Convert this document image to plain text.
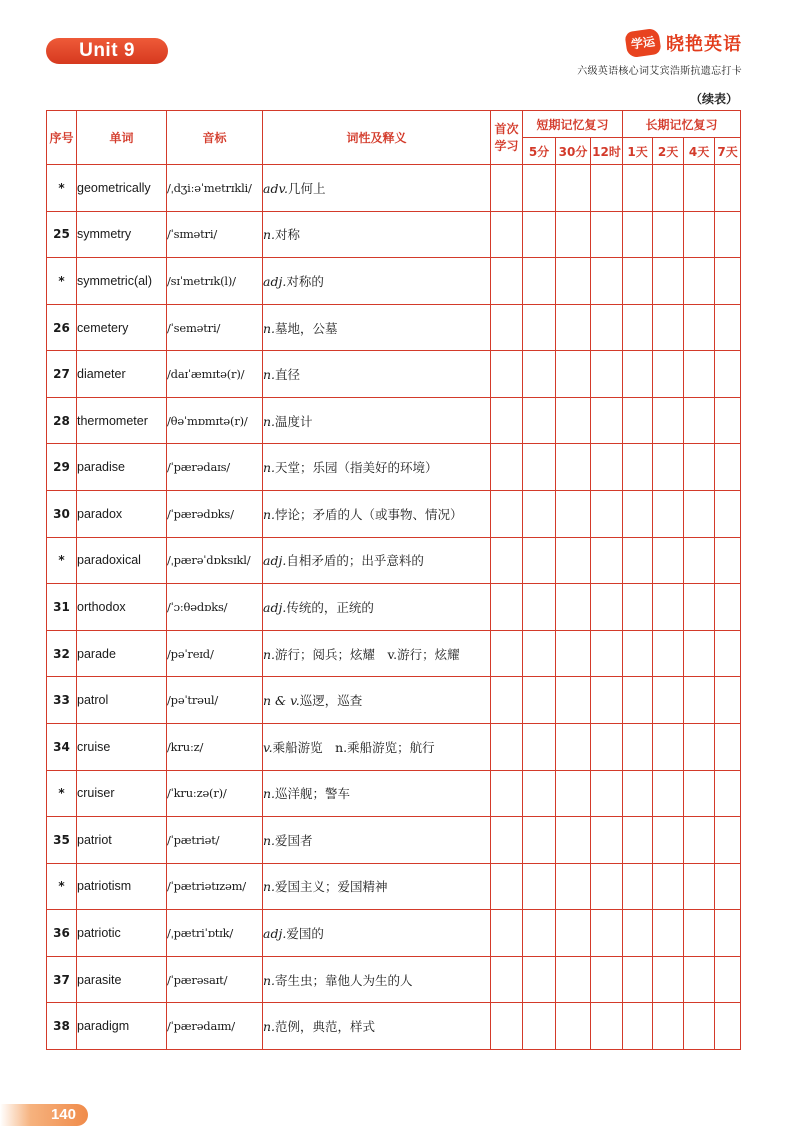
Unit 9	学运 晓艳英语
六级英语核心词艾宾浩斯抗遗忘打卡
（续表）
序号	单词	音标	词性及释义	首次学习	短期记忆复习			长期记忆复习			
					5分	30分	12时	1天	2天	4天	7天
*	geometrically	/ˌdʒiːəˈmetrɪkli/	adv.几何上								
25	symmetry	/ˈsɪmətri/	n.对称								
*	symmetric(al)	/sɪˈmetrɪk(l)/	adj.对称的								
26	cemetery	/ˈsemətri/	n.墓地，公墓								
27	diameter	/daɪˈæmɪtə(r)/	n.直径								
28	thermometer	/θəˈmɒmɪtə(r)/	n.温度计								
29	paradise	/ˈpærədaɪs/	n.天堂；乐园（指美好的环境）								
30	paradox	/ˈpærədɒks/	n.悖论；矛盾的人（或事物、情况）								
*	paradoxical	/ˌpærəˈdɒksɪkl/	adj.自相矛盾的；出乎意料的								
31	orthodox	/ˈɔːθədɒks/	adj.传统的，正统的								
32	parade	/pəˈreɪd/	n.游行；阅兵；炫耀　v.游行；炫耀								
33	patrol	/pəˈtrəul/	n & v.巡逻，巡查								
34	cruise	/kruːz/	v.乘船游览　n.乘船游览；航行								
*	cruiser	/ˈkruːzə(r)/	n.巡洋舰；警车								
35	patriot	/ˈpætriət/	n.爱国者								
*	patriotism	/ˈpætriətɪzəm/	n.爱国主义；爱国精神								
36	patriotic	/ˌpætriˈɒtɪk/	adj.爱国的								
37	parasite	/ˈpærəsaɪt/	n.寄生虫；靠他人为生的人								
38	paradigm	/ˈpærədaɪm/	n.范例，典范，样式								
140
